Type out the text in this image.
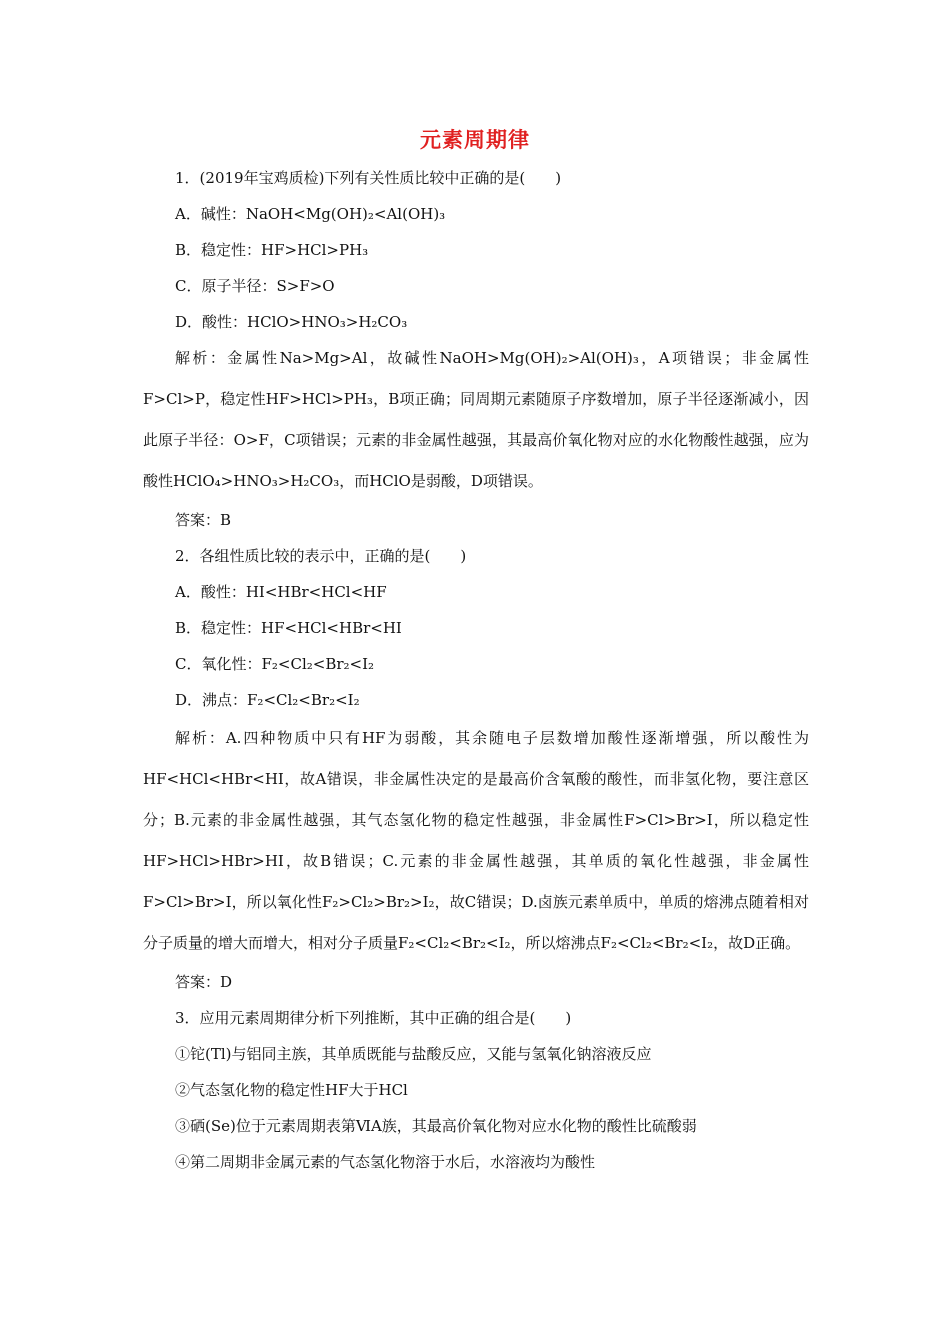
元素周期律
1．(2019年宝鸡质检)下列有关性质比较中正确的是(　　)
A．碱性：NaOH<Mg(OH)₂<Al(OH)₃
B．稳定性：HF>HCl>PH₃
C．原子半径：S>F>O
D．酸性：HClO>HNO₃>H₂CO₃

解析：金属性Na>Mg>Al，故碱性NaOH>Mg(OH)₂>Al(OH)₃，A项错误；非金属性F>Cl>P，稳定性HF>HCl>PH₃，B项正确；同周期元素随原子序数增加，原子半径逐渐减小，因此原子半径：O>F，C项错误；元素的非金属性越强，其最高价氧化物对应的水化物酸性越强，应为酸性HClO₄>HNO₃>H₂CO₃，而HClO是弱酸，D项错误。

答案：B
2．各组性质比较的表示中，正确的是(　　)
A．酸性：HI<HBr<HCl<HF
B．稳定性：HF<HCl<HBr<HI
C．氧化性：F₂<Cl₂<Br₂<I₂
D．沸点：F₂<Cl₂<Br₂<I₂

解析：A.四种物质中只有HF为弱酸，其余随电子层数增加酸性逐渐增强，所以酸性为HF<HCl<HBr<HI，故A错误，非金属性决定的是最高价含氧酸的酸性，而非氢化物，要注意区分；B.元素的非金属性越强，其气态氢化物的稳定性越强，非金属性F>Cl>Br>I，所以稳定性HF>HCl>HBr>HI，故B错误；C.元素的非金属性越强，其单质的氧化性越强，非金属性F>Cl>Br>I，所以氧化性F₂>Cl₂>Br₂>I₂，故C错误；D.卤族元素单质中，单质的熔沸点随着相对分子质量的增大而增大，相对分子质量F₂<Cl₂<Br₂<I₂，所以熔沸点F₂<Cl₂<Br₂<I₂，故D正确。

答案：D
3．应用元素周期律分析下列推断，其中正确的组合是(　　)
①铊(Tl)与铝同主族，其单质既能与盐酸反应，又能与氢氧化钠溶液反应
②气态氢化物的稳定性HF大于HCl
③硒(Se)位于元素周期表第ⅥA族，其最高价氧化物对应水化物的酸性比硫酸弱
④第二周期非金属元素的气态氢化物溶于水后，水溶液均为酸性
